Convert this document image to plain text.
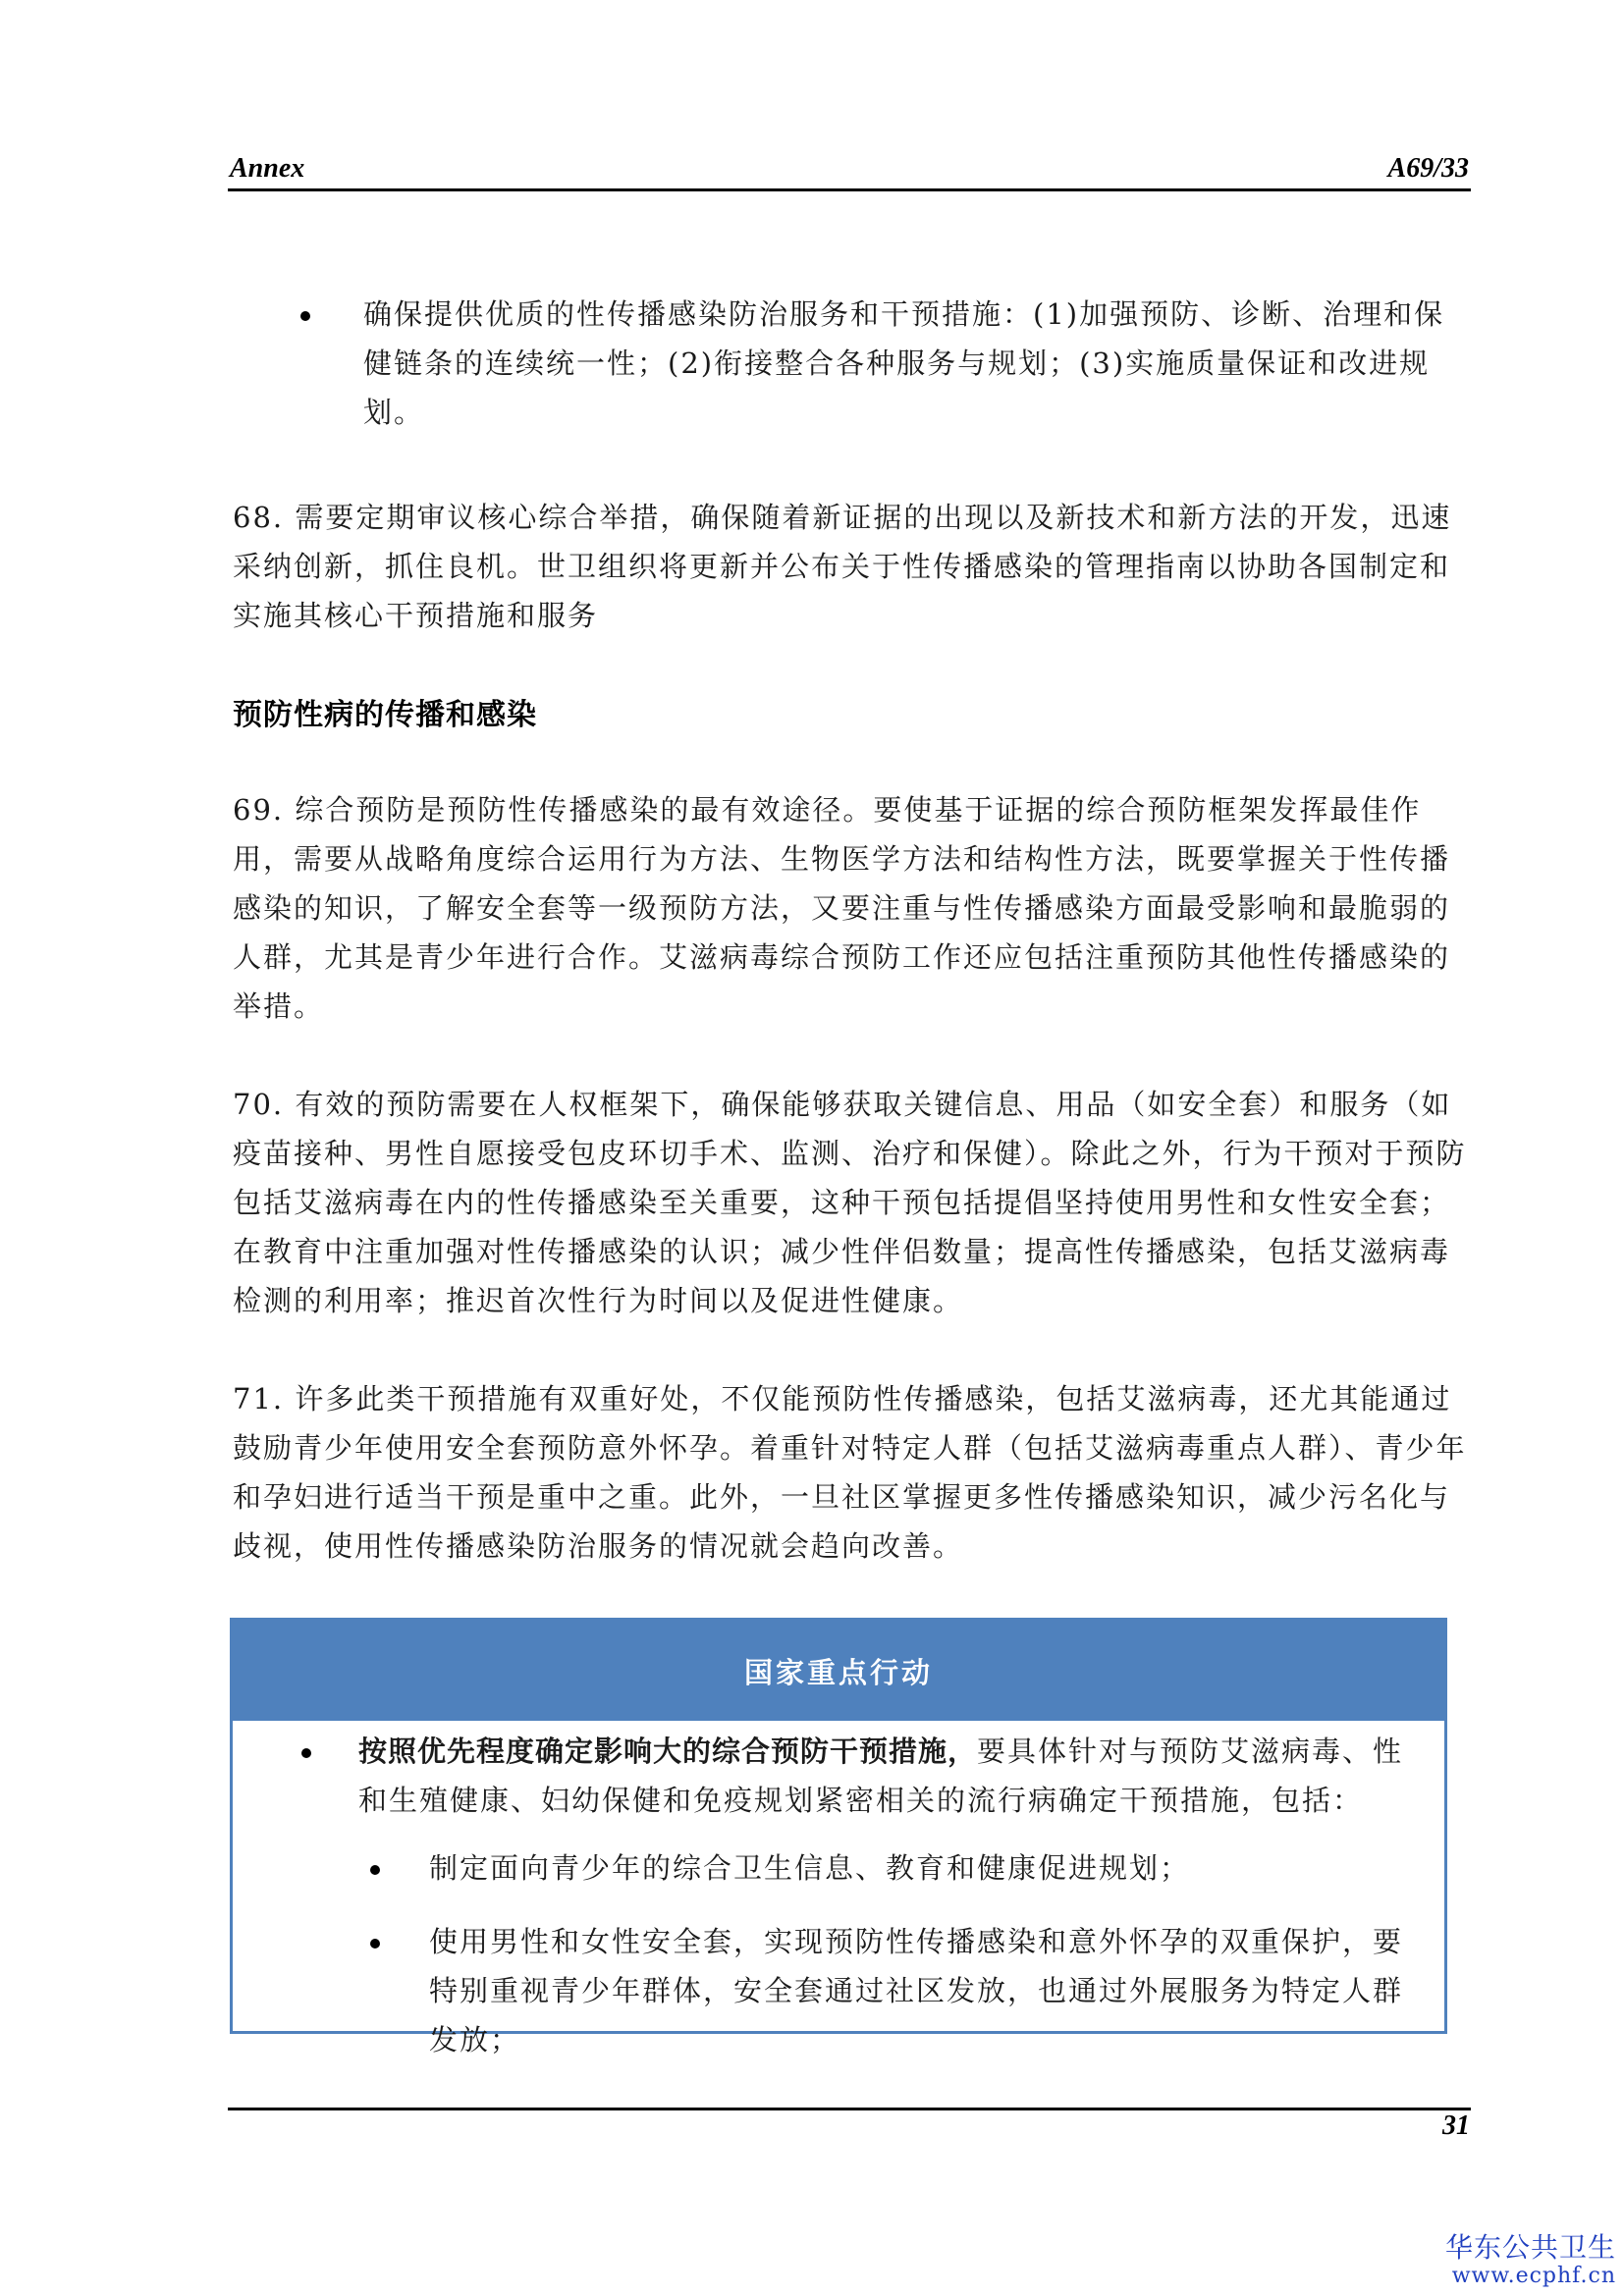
Annex	A69/33
确保提供优质的性传播感染防治服务和干预措施：(1)加强预防、诊断、治理和保健链条的连续统一性；(2)衔接整合各种服务与规划；(3)实施质量保证和改进规划。
68. 需要定期审议核心综合举措，确保随着新证据的出现以及新技术和新方法的开发，迅速采纳创新，抓住良机。世卫组织将更新并公布关于性传播感染的管理指南以协助各国制定和实施其核心干预措施和服务
预防性病的传播和感染
69. 综合预防是预防性传播感染的最有效途径。要使基于证据的综合预防框架发挥最佳作用，需要从战略角度综合运用行为方法、生物医学方法和结构性方法，既要掌握关于性传播感染的知识，了解安全套等一级预防方法，又要注重与性传播感染方面最受影响和最脆弱的人群，尤其是青少年进行合作。艾滋病毒综合预防工作还应包括注重预防其他性传播感染的举措。
70. 有效的预防需要在人权框架下，确保能够获取关键信息、用品（如安全套）和服务（如疫苗接种、男性自愿接受包皮环切手术、监测、治疗和保健）。除此之外，行为干预对于预防包括艾滋病毒在内的性传播感染至关重要，这种干预包括提倡坚持使用男性和女性安全套；在教育中注重加强对性传播感染的认识；减少性伴侣数量；提高性传播感染，包括艾滋病毒检测的利用率；推迟首次性行为时间以及促进性健康。
71. 许多此类干预措施有双重好处，不仅能预防性传播感染，包括艾滋病毒，还尤其能通过鼓励青少年使用安全套预防意外怀孕。着重针对特定人群（包括艾滋病毒重点人群）、青少年和孕妇进行适当干预是重中之重。此外，一旦社区掌握更多性传播感染知识，减少污名化与歧视，使用性传播感染防治服务的情况就会趋向改善。
国家重点行动
按照优先程度确定影响大的综合预防干预措施，要具体针对与预防艾滋病毒、性和生殖健康、妇幼保健和免疫规划紧密相关的流行病确定干预措施，包括：
制定面向青少年的综合卫生信息、教育和健康促进规划；
使用男性和女性安全套，实现预防性传播感染和意外怀孕的双重保护，要特别重视青少年群体，安全套通过社区发放，也通过外展服务为特定人群发放；
31
华东公共卫生
www.ecphf.cn
